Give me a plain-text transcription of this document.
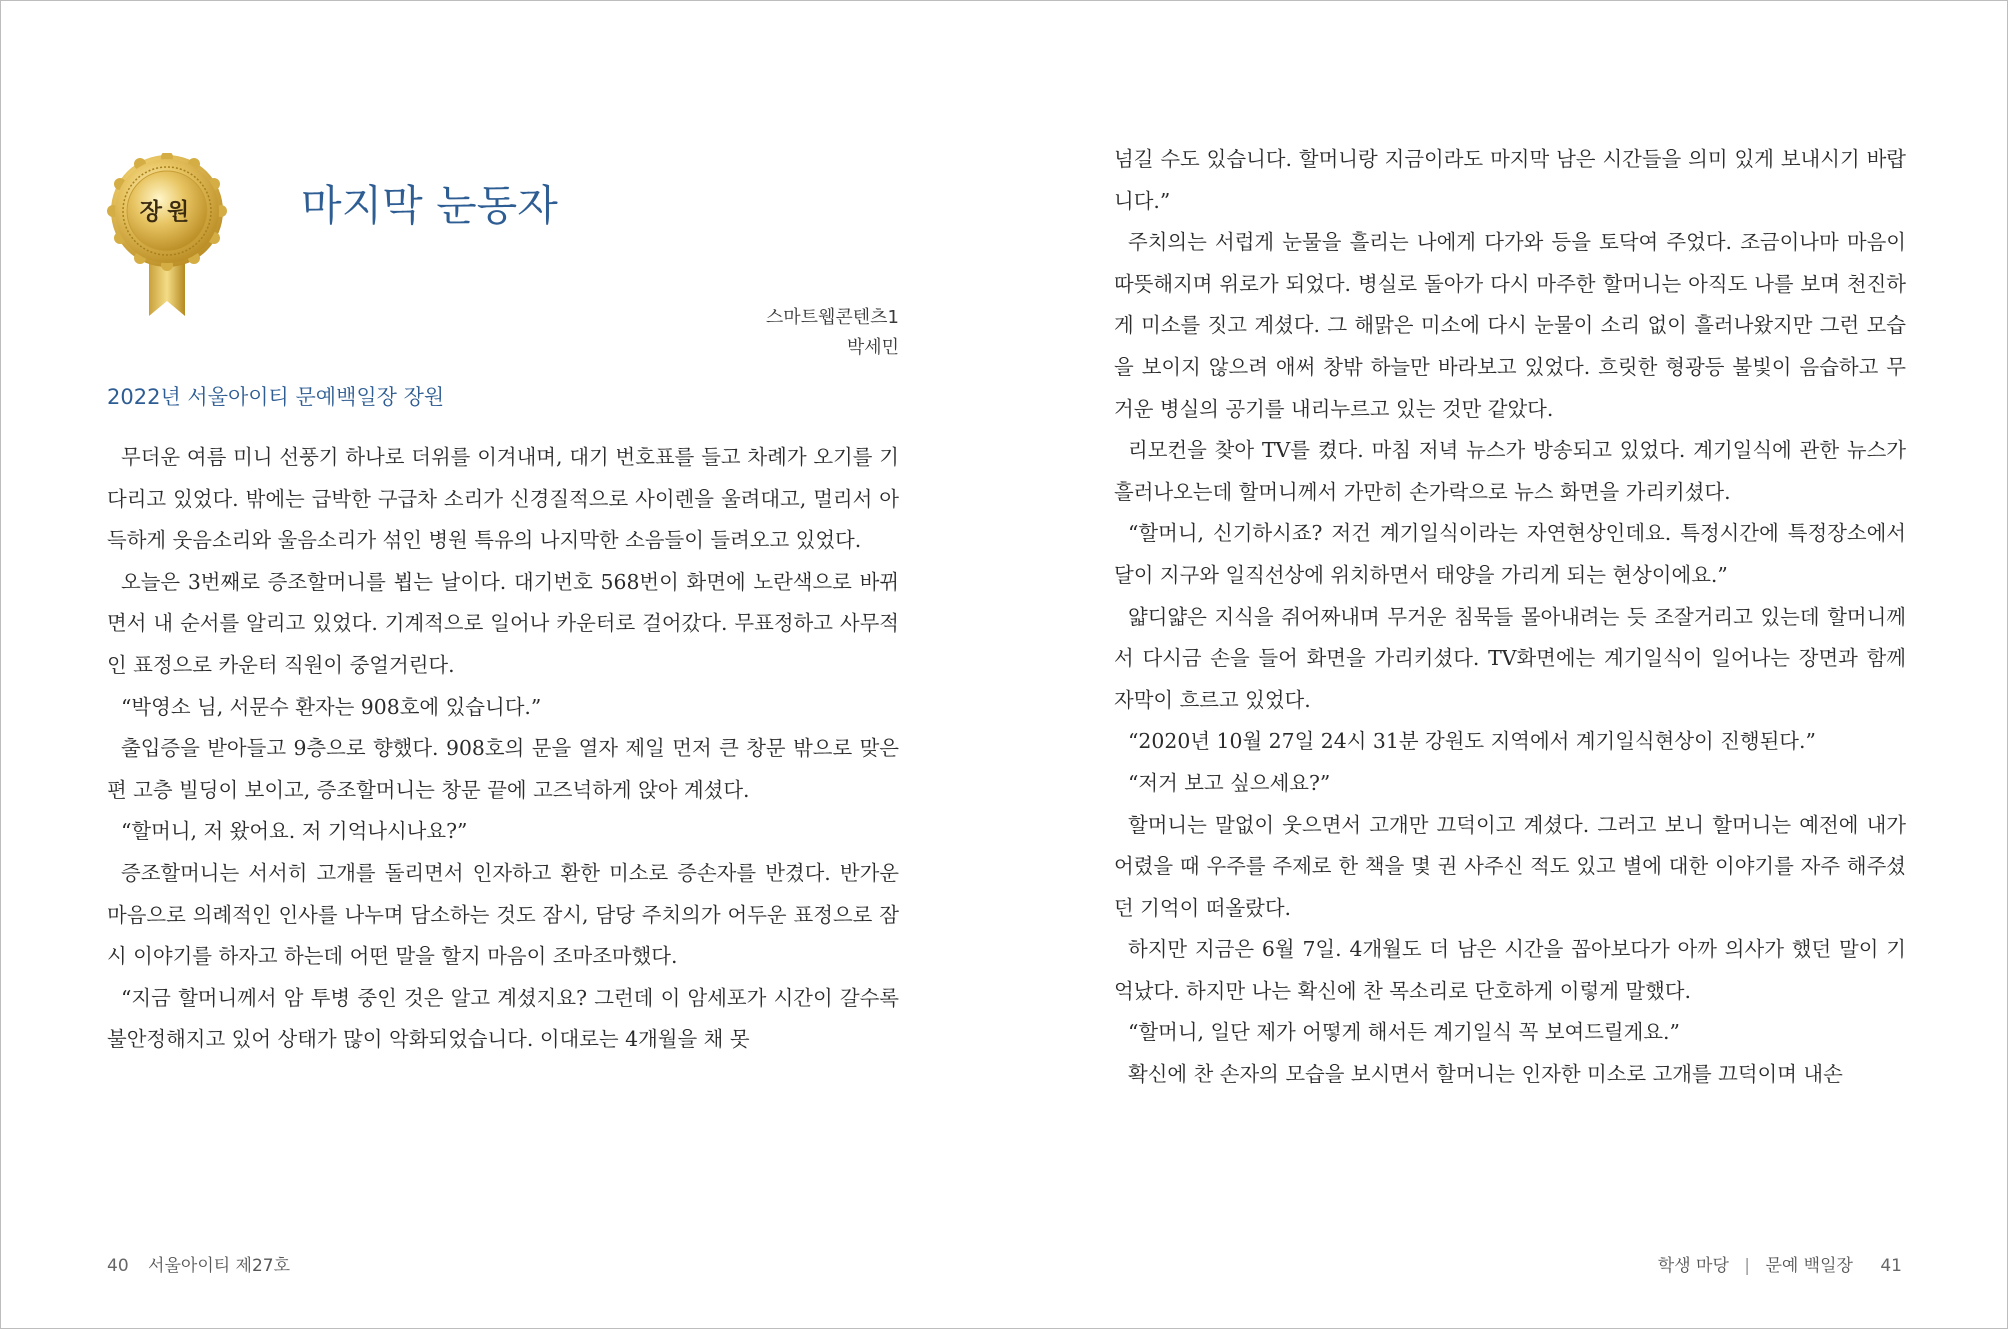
장원	마지막 눈동자
스마트웹콘텐츠1
박세민
2022년 서울아이티 문예백일장 장원

무더운 여름 미니 선풍기 하나로 더위를 이겨내며, 대기 번호표를 들고 차례가 오기를 기다리고 있었다. 밖에는 급박한 구급차 소리가 신경질적으로 사이렌을 울려대고, 멀리서 아득하게 웃음소리와 울음소리가 섞인 병원 특유의 나지막한 소음들이 들려오고 있었다.

오늘은 3번째로 증조할머니를 뵙는 날이다. 대기번호 568번이 화면에 노란색으로 바뀌면서 내 순서를 알리고 있었다. 기계적으로 일어나 카운터로 걸어갔다. 무표정하고 사무적인 표정으로 카운터 직원이 중얼거린다.

“박영소 님, 서문수 환자는 908호에 있습니다.”

출입증을 받아들고 9층으로 향했다. 908호의 문을 열자 제일 먼저 큰 창문 밖으로 맞은편 고층 빌딩이 보이고, 증조할머니는 창문 끝에 고즈넉하게 앉아 계셨다.

“할머니, 저 왔어요. 저 기억나시나요?”

증조할머니는 서서히 고개를 돌리면서 인자하고 환한 미소로 증손자를 반겼다. 반가운 마음으로 의례적인 인사를 나누며 담소하는 것도 잠시, 담당 주치의가 어두운 표정으로 잠시 이야기를 하자고 하는데 어떤 말을 할지 마음이 조마조마했다.

“지금 할머니께서 암 투병 중인 것은 알고 계셨지요? 그런데 이 암세포가 시간이 갈수록 불안정해지고 있어 상태가 많이 악화되었습니다. 이대로는 4개월을 채 못

40 서울아이티 제27호

넘길 수도 있습니다. 할머니랑 지금이라도 마지막 남은 시간들을 의미 있게 보내시기 바랍니다.”

주치의는 서럽게 눈물을 흘리는 나에게 다가와 등을 토닥여 주었다. 조금이나마 마음이 따뜻해지며 위로가 되었다. 병실로 돌아가 다시 마주한 할머니는 아직도 나를 보며 천진하게 미소를 짓고 계셨다. 그 해맑은 미소에 다시 눈물이 소리 없이 흘러나왔지만 그런 모습을 보이지 않으려 애써 창밖 하늘만 바라보고 있었다. 흐릿한 형광등 불빛이 음습하고 무거운 병실의 공기를 내리누르고 있는 것만 같았다.

리모컨을 찾아 TV를 켰다. 마침 저녁 뉴스가 방송되고 있었다. 계기일식에 관한 뉴스가 흘러나오는데 할머니께서 가만히 손가락으로 뉴스 화면을 가리키셨다.

“할머니, 신기하시죠? 저건 계기일식이라는 자연현상인데요. 특정시간에 특정장소에서 달이 지구와 일직선상에 위치하면서 태양을 가리게 되는 현상이에요.”

얇디얇은 지식을 쥐어짜내며 무거운 침묵들 몰아내려는 듯 조잘거리고 있는데 할머니께서 다시금 손을 들어 화면을 가리키셨다. TV화면에는 계기일식이 일어나는 장면과 함께 자막이 흐르고 있었다.

“2020년 10월 27일 24시 31분 강원도 지역에서 계기일식현상이 진행된다.”

“저거 보고 싶으세요?”

할머니는 말없이 웃으면서 고개만 끄덕이고 계셨다. 그러고 보니 할머니는 예전에 내가 어렸을 때 우주를 주제로 한 책을 몇 권 사주신 적도 있고 별에 대한 이야기를 자주 해주셨던 기억이 떠올랐다.

하지만 지금은 6월 7일. 4개월도 더 남은 시간을 꼽아보다가 아까 의사가 했던 말이 기억났다. 하지만 나는 확신에 찬 목소리로 단호하게 이렇게 말했다.

“할머니, 일단 제가 어떻게 해서든 계기일식 꼭 보여드릴게요.”

확신에 찬 손자의 모습을 보시면서 할머니는 인자한 미소로 고개를 끄덕이며 내손

학생 마당 | 문예 백일장 41
